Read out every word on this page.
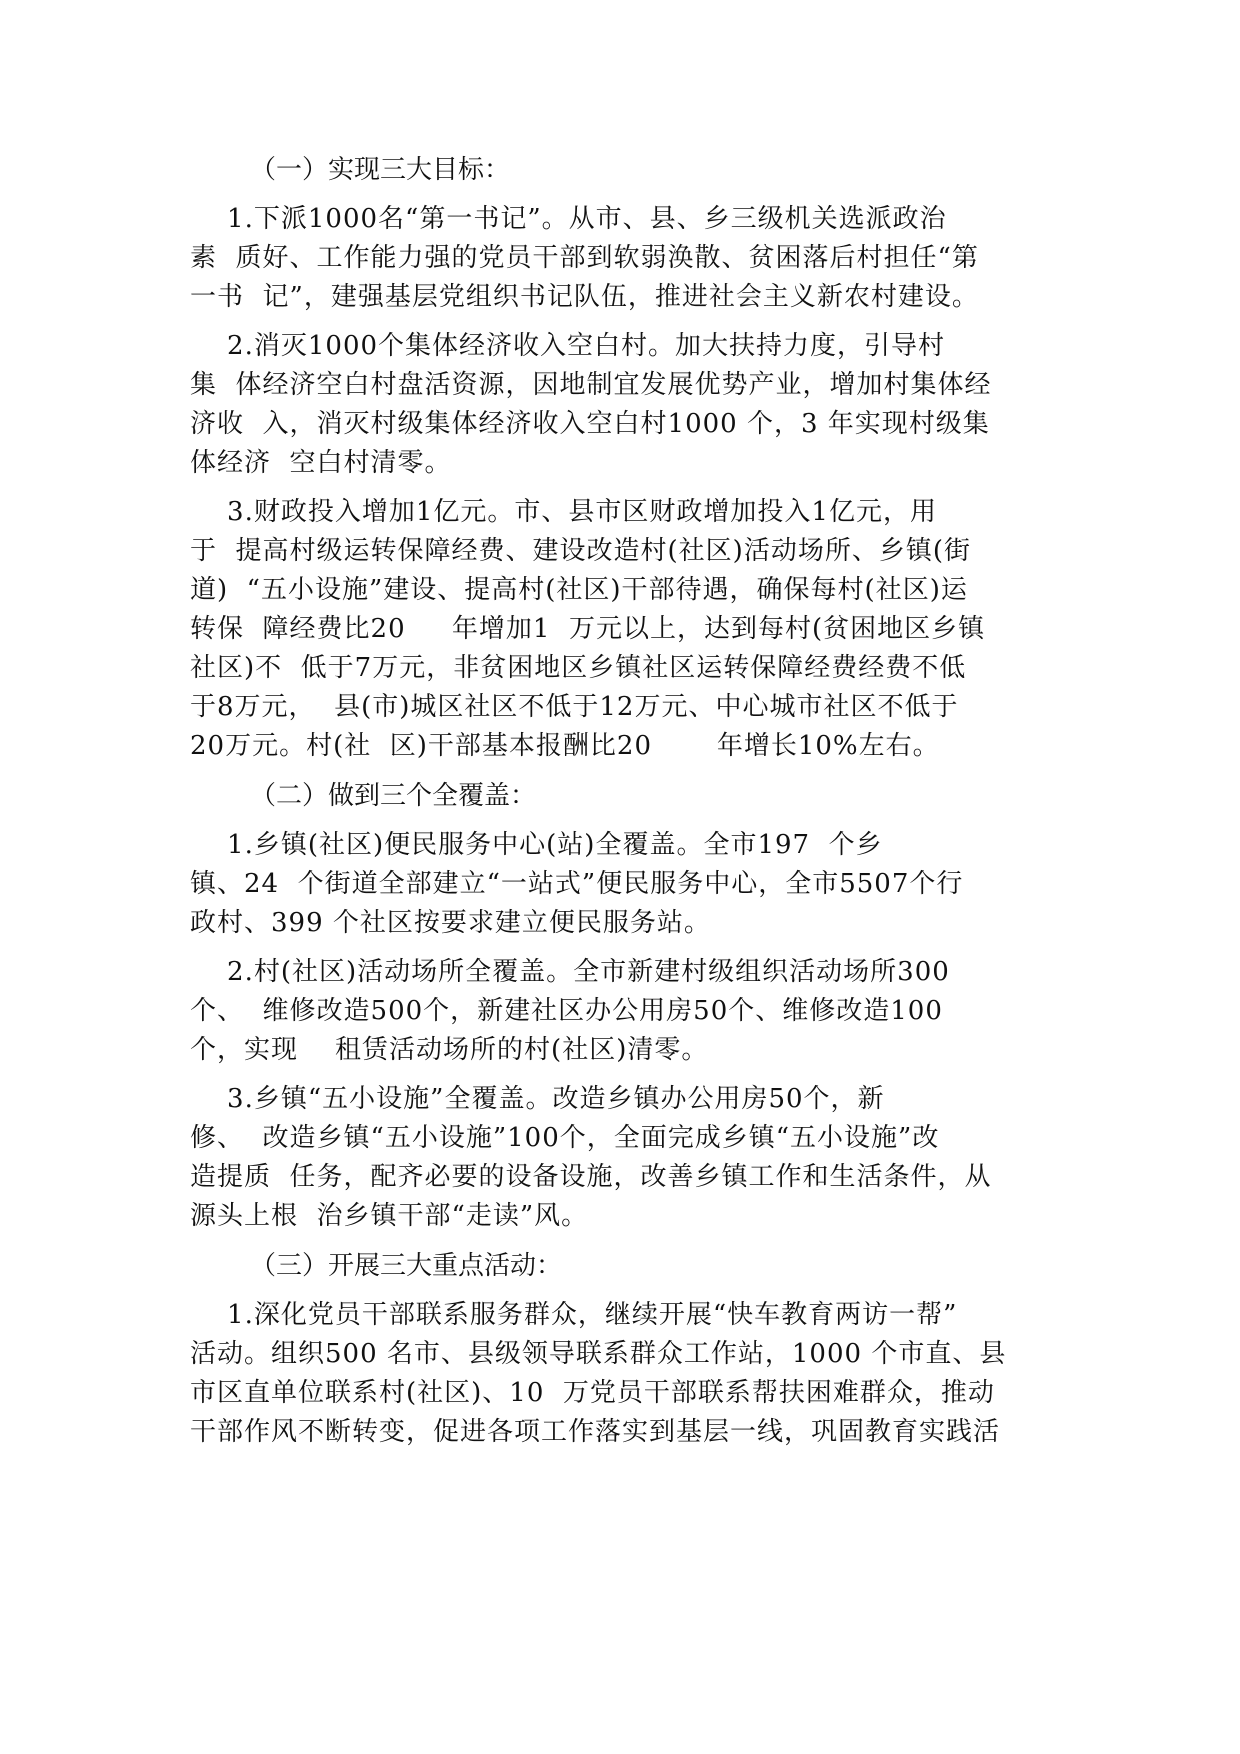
（一）实现三大目标：
1.下派1000名“第一书记”。从市、县、乡三级机关选派政治
素  质好、工作能力强的党员干部到软弱涣散、贫困落后村担任“第
一书  记”，建强基层党组织书记队伍，推进社会主义新农村建设。
2.消灭1000个集体经济收入空白村。加大扶持力度，引导村
集  体经济空白村盘活资源，因地制宜发展优势产业，增加村集体经
济收  入，消灭村级集体经济收入空白村1000 个，3 年实现村级集
体经济  空白村清零。
3.财政投入增加1亿元。市、县市区财政增加投入1亿元，用
于  提高村级运转保障经费、建设改造村(社区)活动场所、乡镇(街
道)  “五小设施”建设、提高村(社区)干部待遇，确保每村(社区)运
转保  障经费比20     年增加1  万元以上，达到每村(贫困地区乡镇
社区)不  低于7万元，非贫困地区乡镇社区运转保障经费经费不低
于8万元，  县(市)城区社区不低于12万元、中心城市社区不低于
20万元。村(社  区)干部基本报酬比20       年增长10%左右。
（二）做到三个全覆盖：
1.乡镇(社区)便民服务中心(站)全覆盖。全市197  个乡
镇、24  个街道全部建立“一站式”便民服务中心，全市5507个行
政村、399 个社区按要求建立便民服务站。
2.村(社区)活动场所全覆盖。全市新建村级组织活动场所300
个、  维修改造500个，新建社区办公用房50个、维修改造100
个，实现    租赁活动场所的村(社区)清零。
3.乡镇“五小设施”全覆盖。改造乡镇办公用房50个，新
修、  改造乡镇“五小设施”100个，全面完成乡镇“五小设施”改
造提质  任务，配齐必要的设备设施，改善乡镇工作和生活条件，从
源头上根  治乡镇干部“走读”风。
（三）开展三大重点活动：
1.深化党员干部联系服务群众，继续开展“快车教育两访一帮”
活动。组织500 名市、县级领导联系群众工作站，1000 个市直、县
市区直单位联系村(社区)、10  万党员干部联系帮扶困难群众，推动
干部作风不断转变，促进各项工作落实到基层一线，巩固教育实践活
